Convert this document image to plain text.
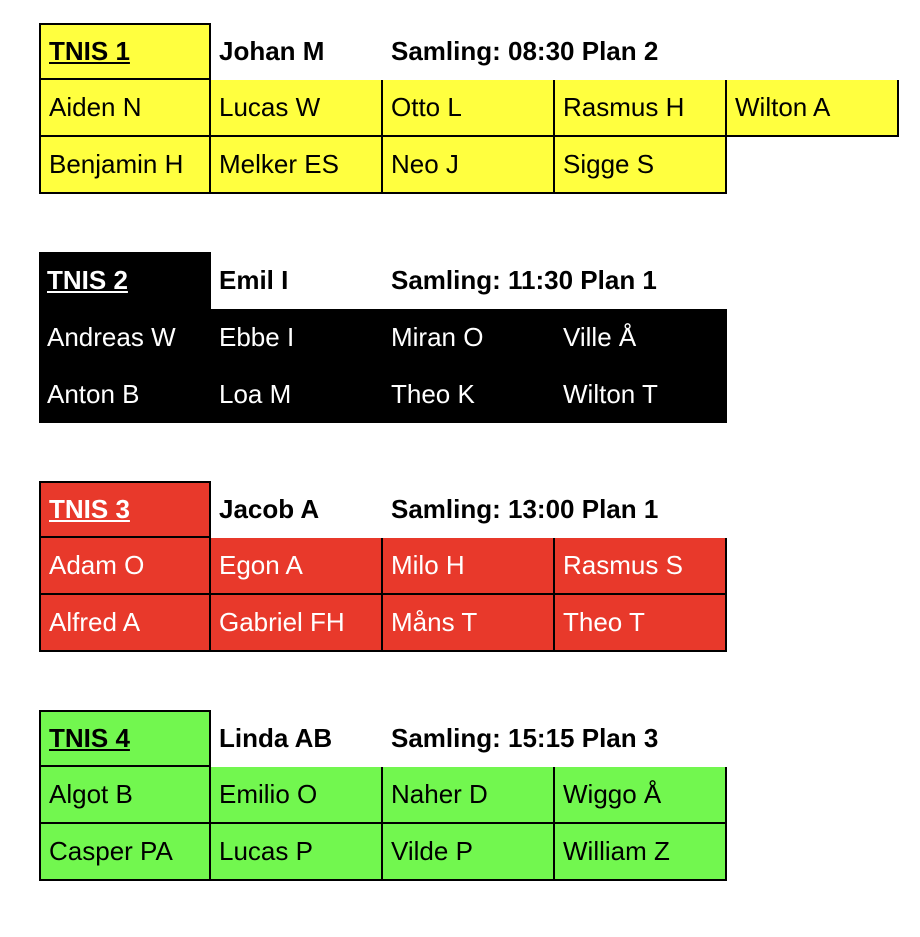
TNIS 1	Johan M	Samling: 08:30 Plan 2
Aiden N	Lucas W	Otto L	Rasmus H	Wilton A
Benjamin H	Melker ES	Neo J	Sigge S
TNIS 2	Emil I	Samling: 11:30 Plan 1
Andreas W	Ebbe I	Miran O	Ville Å
Anton B	Loa M	Theo K	Wilton T
TNIS 3	Jacob A	Samling: 13:00 Plan 1
Adam O	Egon A	Milo H	Rasmus S
Alfred A	Gabriel FH	Måns T	Theo T
TNIS 4	Linda AB	Samling: 15:15 Plan 3
Algot B	Emilio O	Naher D	Wiggo Å
Casper PA	Lucas P	Vilde P	William Z
